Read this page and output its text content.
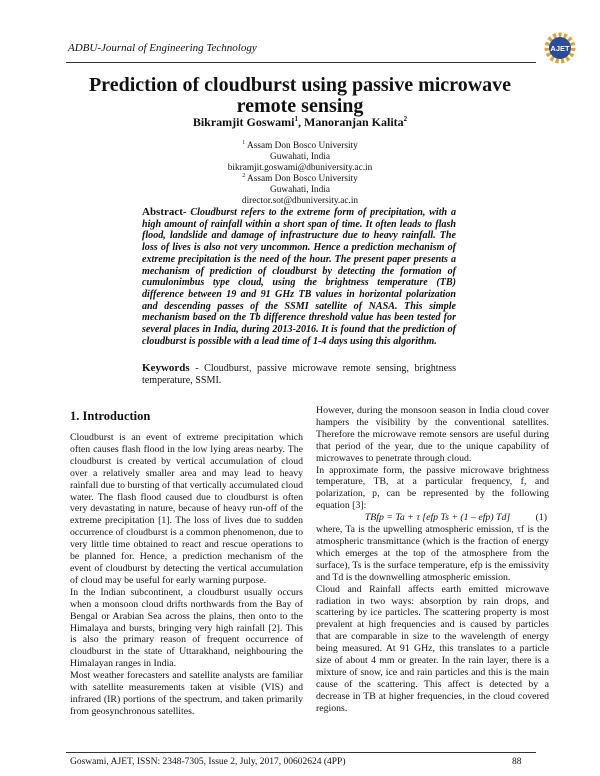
ADBU-Journal of Engineering Technology	AJET
Prediction of cloudburst using passive microwave remote sensing
Bikramjit Goswami$^1$, Manoranjan Kalita$^2$
$^1$ Assam Don Bosco University
Guwahati, India
bikramjit.goswami@dbuniversity.ac.in
$^2$ Assam Don Bosco University
Guwahati, India
director.sot@dbuniversity.ac.in
Abstract- Cloudburst refers to the extreme form of precipitation, with a high amount of rainfall within a short span of time. It often leads to flash flood, landslide and damage of infrastructure due to heavy rainfall. The loss of lives is also not very uncommon. Hence a prediction mechanism of extreme precipitation is the need of the hour. The present paper presents a mechanism of prediction of cloudburst by detecting the formation of cumulonimbus type cloud, using the brightness temperature (TB) difference between 19 and 91 GHz TB values in horizontal polarization and descending passes of the SSMI satellite of NASA. This simple mechanism based on the Tb difference threshold value has been tested for several places in India, during 2013-2016. It is found that the prediction of cloudburst is possible with a lead time of 1-4 days using this algorithm.
Keywords - Cloudburst, passive microwave remote sensing, brightness temperature, SSMI.
1. Introduction

Cloudburst is an event of extreme precipitation which often causes flash flood in the low lying areas nearby. The cloudburst is created by vertical accumulation of cloud over a relatively smaller area and may lead to heavy rainfall due to bursting of that vertically accumulated cloud water. The flash flood caused due to cloudburst is often very devastating in nature, because of heavy run-off of the extreme precipitation [1]. The loss of lives due to sudden occurrence of cloudburst is a common phenomenon, due to very little time obtained to react and rescue operations to be planned for. Hence, a prediction mechanism of the event of cloudburst by detecting the vertical accumulation of cloud may be useful for early warning purpose.

In the Indian subcontinent, a cloudburst usually occurs when a monsoon cloud drifts northwards from the Bay of Bengal or Arabian Sea across the plains, then onto to the Himalaya and bursts, bringing very high rainfall [2]. This is also the primary reason of frequent occurrence of cloudburst in the state of Uttarakhand, neighbouring the Himalayan ranges in India.

Most weather forecasters and satellite analysts are familiar with satellite measurements taken at visible (VIS) and infrared (IR) portions of the spectrum, and taken primarily from geosynchronous satellites.

However, during the monsoon season in India cloud cover hampers the visibility by the conventional satellites. Therefore the microwave remote sensors are useful during that period of the year, due to the unique capability of microwaves to penetrate through cloud.

In approximate form, the passive microwave brightness temperature, TB, at a particular frequency, f, and polarization, p, can be represented by the following equation [3]:

TBfp = Ta + τ [efp Ts + (1 – efp) Td]	(1)

where, Ta is the upwelling atmospheric emission, τf is the atmospheric transmittance (which is the fraction of energy which emerges at the top of the atmosphere from the surface), Ts is the surface temperature, efp is the emissivity and Td is the downwelling atmospheric emission.

Cloud and Rainfall affects earth emitted microwave radiation in two ways: absorption by rain drops, and scattering by ice particles. The scattering property is most prevalent at high frequencies and is caused by particles that are comparable in size to the wavelength of energy being measured. At 91 GHz, this translates to a particle size of about 4 mm or greater. In the rain layer, there is a mixture of snow, ice and rain particles and this is the main cause of the scattering. This affect is detected by a decrease in TB at higher frequencies, in the cloud covered regions.

Goswami, AJET, ISSN: 2348-7305, Issue 2, July, 2017, 00602624 (4PP)	88
